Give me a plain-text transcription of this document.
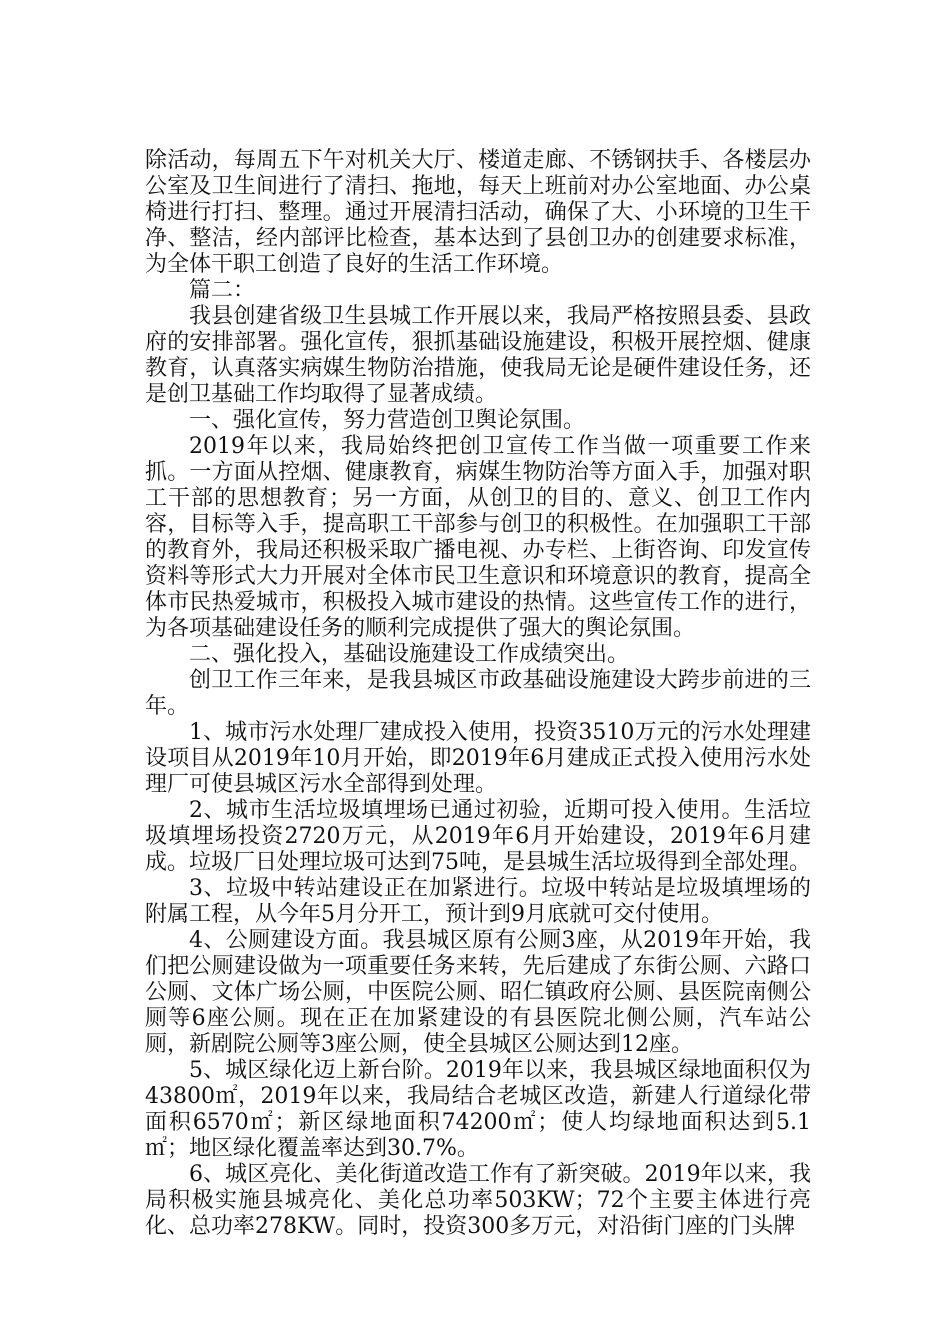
除活动，每周五下午对机关大厅、楼道走廊、不锈钢扶手、各楼层办公室及卫生间进行了清扫、拖地，每天上班前对办公室地面、办公桌椅进行打扫、整理。通过开展清扫活动，确保了大、小环境的卫生干净、整洁，经内部评比检查，基本达到了县创卫办的创建要求标准，为全体干职工创造了良好的生活工作环境。

篇二：

我县创建省级卫生县城工作开展以来，我局严格按照县委、县政府的安排部署。强化宣传，狠抓基础设施建设，积极开展控烟、健康教育，认真落实病媒生物防治措施，使我局无论是硬件建设任务，还是创卫基础工作均取得了显著成绩。

一、强化宣传，努力营造创卫舆论氛围。

2019年以来，我局始终把创卫宣传工作当做一项重要工作来抓。一方面从控烟、健康教育，病媒生物防治等方面入手，加强对职工干部的思想教育；另一方面，从创卫的目的、意义、创卫工作内容，目标等入手，提高职工干部参与创卫的积极性。在加强职工干部的教育外，我局还积极采取广播电视、办专栏、上街咨询、印发宣传资料等形式大力开展对全体市民卫生意识和环境意识的教育，提高全体市民热爱城市，积极投入城市建设的热情。这些宣传工作的进行，为各项基础建设任务的顺利完成提供了强大的舆论氛围。

二、强化投入，基础设施建设工作成绩突出。

创卫工作三年来，是我县城区市政基础设施建设大跨步前进的三年。

1、城市污水处理厂建成投入使用，投资3510万元的污水处理建设项目从2019年10月开始，即2019年6月建成正式投入使用污水处理厂可使县城区污水全部得到处理。

2、城市生活垃圾填埋场已通过初验，近期可投入使用。生活垃圾填埋场投资2720万元，从2019年6月开始建设，2019年6月建成。垃圾厂日处理垃圾可达到75吨，是县城生活垃圾得到全部处理。

3、垃圾中转站建设正在加紧进行。垃圾中转站是垃圾填埋场的附属工程，从今年5月分开工，预计到9月底就可交付使用。

4、公厕建设方面。我县城区原有公厕3座，从2019年开始，我们把公厕建设做为一项重要任务来转，先后建成了东街公厕、六路口公厕、文体广场公厕，中医院公厕、昭仁镇政府公厕、县医院南侧公厕等6座公厕。现在正在加紧建设的有县医院北侧公厕，汽车站公厕，新剧院公厕等3座公厕，使全县城区公厕达到12座。

5、城区绿化迈上新台阶。2019年以来，我县城区绿地面积仅为43800㎡，2019年以来，我局结合老城区改造，新建人行道绿化带面积6570㎡；新区绿地面积74200㎡；使人均绿地面积达到5.1㎡；地区绿化覆盖率达到30.7%。

6、城区亮化、美化街道改造工作有了新突破。2019年以来，我局积极实施县城亮化、美化总功率503KW；72个主要主体进行亮化、总功率278KW。同时，投资300多万元，对沿街门座的门头牌
